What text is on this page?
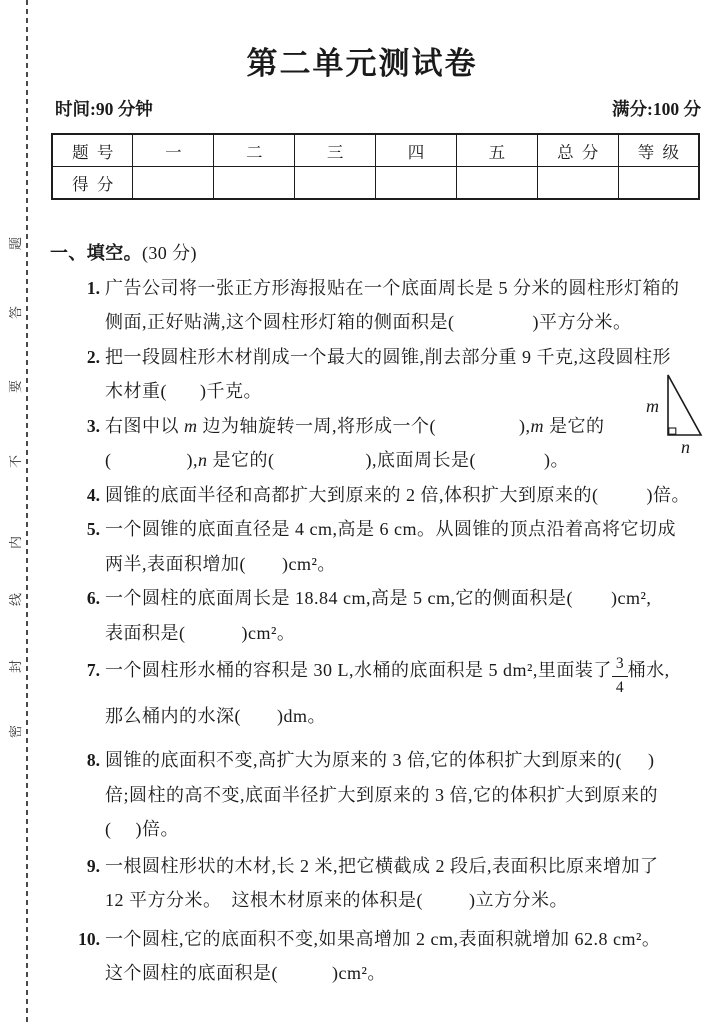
题
答
要
不
内
线
封
密
第二单元测试卷
时间:90 分钟	满分:100 分
题  号	一	二	三	四	五	总  分	等  级
得  分							
一、填空。(30 分)
1. 广告公司将一张正方形海报贴在一个底面周长是 5 分米的圆柱形灯箱的
侧面,正好贴满,这个圆柱形灯箱的侧面积是(	)平方分米。
2. 把一段圆柱形木材削成一个最大的圆锥,削去部分重 9 千克,这段圆柱形
木材重( )千克。
3. 右图中以 m 边为轴旋转一周,将形成一个(	),m 是它的
(	),n 是它的(	),底面周长是(	)。
4. 圆锥的底面半径和高都扩大到原来的 2 倍,体积扩大到原来的(	)倍。
5. 一个圆锥的底面直径是 4 cm,高是 6 cm。从圆锥的顶点沿着高将它切成
两半,表面积增加( )cm²。
6. 一个圆柱的底面周长是 18.84 cm,高是 5 cm,它的侧面积是( )cm²,
表面积是(	)cm²。
7. 一个圆柱形水桶的容积是 30 L,水桶的底面积是 5 dm²,里面装了 $\frac{3}{4}$ 桶水,
那么桶内的水深( )dm。
8. 圆锥的底面积不变,高扩大为原来的 3 倍,它的体积扩大到原来的( )
倍;圆柱的高不变,底面半径扩大到原来的 3 倍,它的体积扩大到原来的
( )倍。
9. 一根圆柱形状的木材,长 2 米,把它横截成 2 段后,表面积比原来增加了
12 平方分米。  这根木材原来的体积是(	)立方分米。
10. 一个圆柱,它的底面积不变,如果高增加 2 cm,表面积就增加 62.8 cm²。
这个圆柱的底面积是(	)cm²。
m
n
